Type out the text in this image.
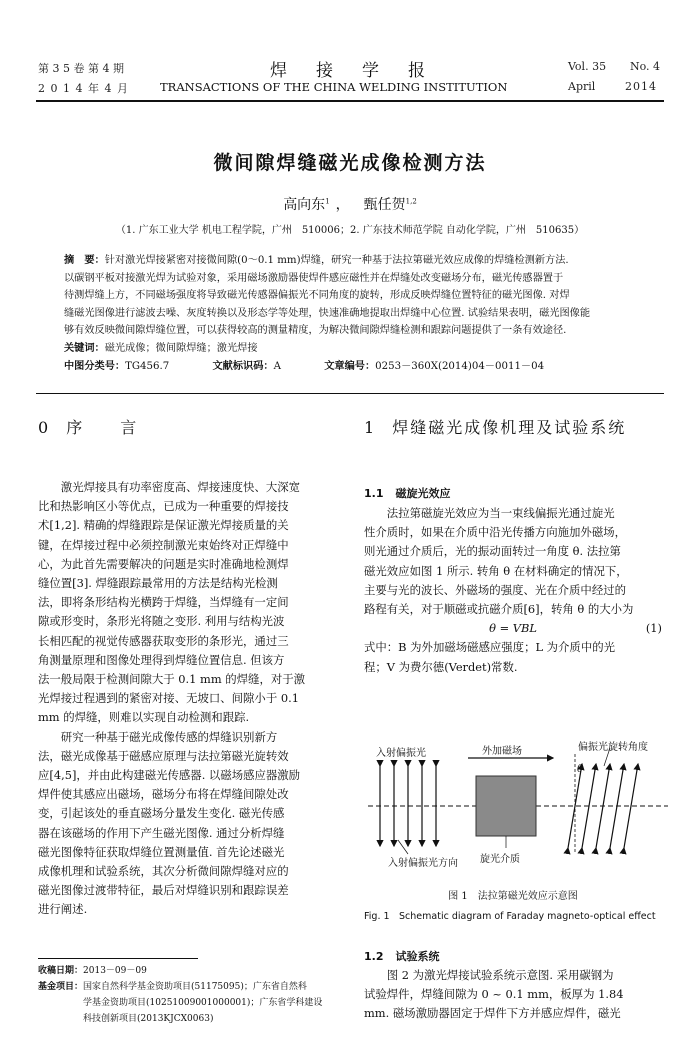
第 3 5 卷 第 4 期
2 0 1 4 年 4 月
焊　接　学　报
TRANSACTIONS OF THE CHINA WELDING INSTITUTION
Vol. 35 No. 4
April	2014
微间隙焊缝磁光成像检测方法
高向东$^1$ ， 甄任贺$^{1,2}$
（1. 广东工业大学 机电工程学院，广州　510006；2. 广东技术师范学院 自动化学院，广州　510635）

摘　要：针对激光焊接紧密对接微间隙(0～0.1 mm)焊缝，研究一种基于法拉第磁光效应成像的焊缝检测新方法.

以碳钢平板对接激光焊为试验对象，采用磁场激励器使焊件感应磁性并在焊缝处改变磁场分布，磁光传感器置于

待测焊缝上方，不同磁场强度将导致磁光传感器偏振光不同角度的旋转，形成反映焊缝位置特征的磁光图像. 对焊

缝磁光图像进行滤波去噪、灰度转换以及形态学等处理，快速准确地提取出焊缝中心位置. 试验结果表明，磁光图像能

够有效反映微间隙焊缝位置，可以获得较高的测量精度，为解决微间隙焊缝检测和跟踪问题提供了一条有效途径.

关键词：磁光成像；微间隙焊缝；激光焊接

中图分类号：TG456.7	文献标识码：A	文章编号：0253－360X(2014)04－0011－04

0 序　　言

激光焊接具有功率密度高、焊接速度快、大深宽

比和热影响区小等优点，已成为一种重要的焊接技

术[1,2]. 精确的焊缝跟踪是保证激光焊接质量的关

键，在焊接过程中必须控制激光束始终对正焊缝中

心，为此首先需要解决的问题是实时准确地检测焊

缝位置[3]. 焊缝跟踪最常用的方法是结构光检测

法，即将条形结构光横跨于焊缝，当焊缝有一定间

隙或形变时，条形光将随之变形. 利用与结构光波

长相匹配的视觉传感器获取变形的条形光，通过三

角测量原理和图像处理得到焊缝位置信息. 但该方

法一般局限于检测间隙大于 0.1 mm 的焊缝，对于激

光焊接过程遇到的紧密对接、无坡口、间隙小于 0.1

mm 的焊缝，则难以实现自动检测和跟踪.

研究一种基于磁光成像传感的焊缝识别新方

法，磁光成像基于磁感应原理与法拉第磁光旋转效

应[4,5]，并由此构建磁光传感器. 以磁场感应器激励

焊件使其感应出磁场，磁场分布将在焊缝间隙处改

变，引起该处的垂直磁场分量发生变化. 磁光传感

器在该磁场的作用下产生磁光图像. 通过分析焊缝

磁光图像特征获取焊缝位置测量值. 首先论述磁光

成像机理和试验系统，其次分析微间隙焊缝对应的

磁光图像过渡带特征，最后对焊缝识别和跟踪误差

进行阐述.

收稿日期：2013－09－09
基金项目： 国家自然科学基金资助项目(51175095)；广东省自然科
学基金资助项目(10251009001000001)；广东省学科建设
科技创新项目(2013KJCX0063)
1 焊缝磁光成像机理及试验系统
1.1 磁旋光效应

法拉第磁旋光效应为当一束线偏振光通过旋光

性介质时，如果在介质中沿光传播方向施加外磁场，

则光通过介质后，光的振动面转过一角度 θ. 法拉第

磁光效应如图 1 所示. 转角 θ 在材料确定的情况下，

主要与光的波长、外磁场的强度、光在介质中经过的

路程有关，对于顺磁或抗磁介质[6]，转角 θ 的大小为

θ = VBL	(1)

式中：B 为外加磁场磁感应强度；L 为介质中的光

程；V 为费尔德(Verdet)常数.

入射偏振光	外加磁场	偏振光旋转角度
θ
入射偏振光方向 旋光介质
图 1　法拉第磁光效应示意图
Fig. 1　Schematic diagram of Faraday magneto-optical effect
1.2 试验系统

图 2 为激光焊接试验系统示意图. 采用碳钢为

试验焊件，焊缝间隙为 0 ~ 0.1 mm，板厚为 1.84

mm. 磁场激励器固定于焊件下方并感应焊件，磁光
